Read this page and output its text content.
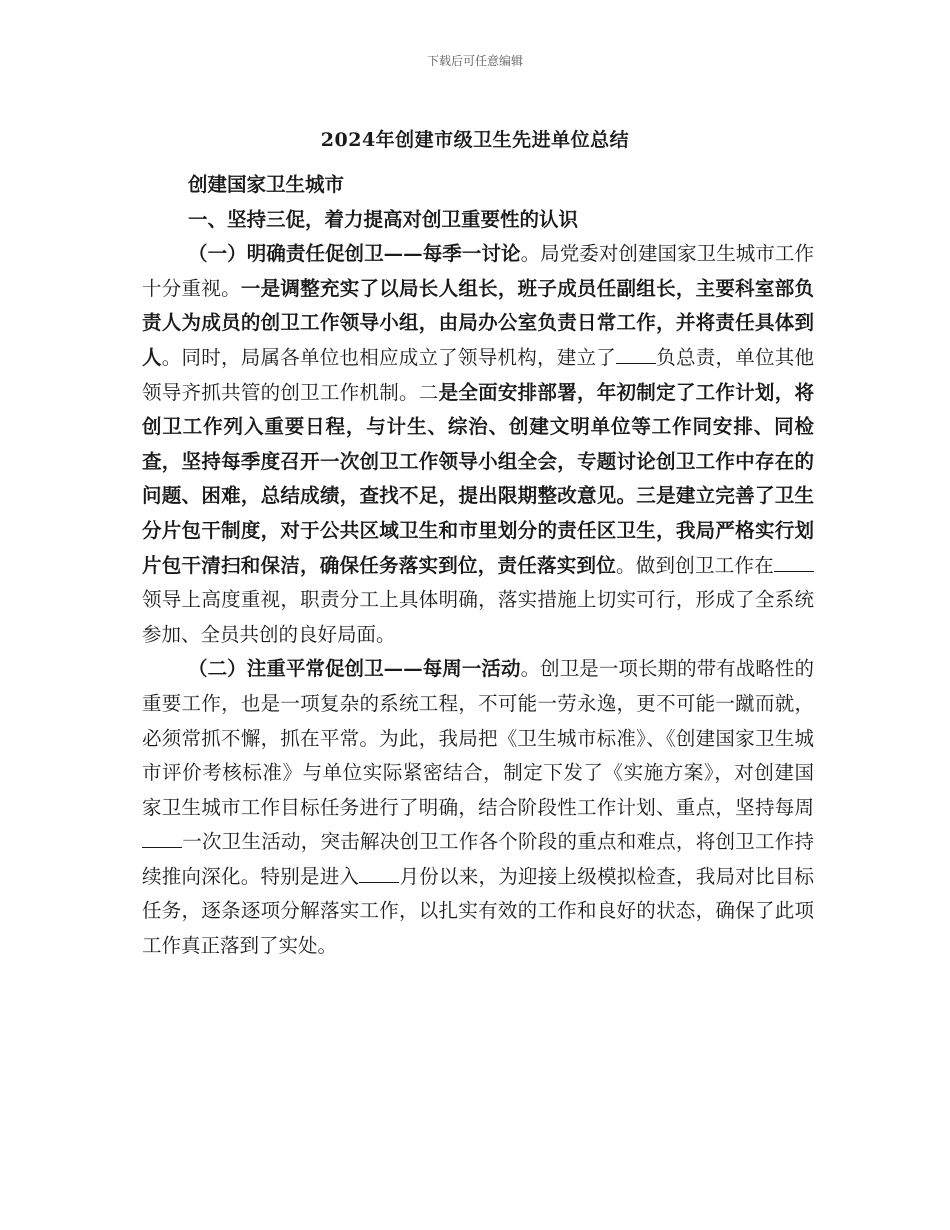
下载后可任意编辑
2024年创建市级卫生先进单位总结

创建国家卫生城市

一、坚持三促，着力提高对创卫重要性的认识

（一）明确责任促创卫——每季一讨论。局党委对创建国家卫生城市工作十分重视。一是调整充实了以局长人组长，班子成员任副组长，主要科室部负责人为成员的创卫工作领导小组，由局办公室负责日常工作，并将责任具体到人。同时，局属各单位也相应成立了领导机构，建立了 负总责，单位其他领导齐抓共管的创卫工作机制。二是全面安排部署，年初制定了工作计划，将创卫工作列入重要日程，与计生、综治、创建文明单位等工作同安排、同检查，坚持每季度召开一次创卫工作领导小组全会，专题讨论创卫工作中存在的问题、困难，总结成绩，查找不足，提出限期整改意见。三是建立完善了卫生分片包干制度，对于公共区域卫生和市里划分的责任区卫生，我局严格实行划片包干清扫和保洁，确保任务落实到位，责任落实到位。做到创卫工作在领导上高度重视，职责分工上具体明确，落实措施上切实可行，形成了全系统参加、全员共创的良好局面。

（二）注重平常促创卫——每周一活动。创卫是一项长期的带有战略性的重要工作，也是一项复杂的系统工程，不可能一劳永逸，更不可能一蹴而就，必须常抓不懈，抓在平常。为此，我局把《卫生城市标准》、《创建国家卫生城市评价考核标准》与单位实际紧密结合，制定下发了《实施方案》，对创建国家卫生城市工作目标任务进行了明确，结合阶段性工作计划、重点，坚持每周一次卫生活动，突击解决创卫工作各个阶段的重点和难点，将创卫工作持续推向深化。特别是进入 月份以来，为迎接上级模拟检查，我局对比目标任务，逐条逐项分解落实工作，以扎实有效的工作和良好的状态，确保了此项工作真正落到了实处。
